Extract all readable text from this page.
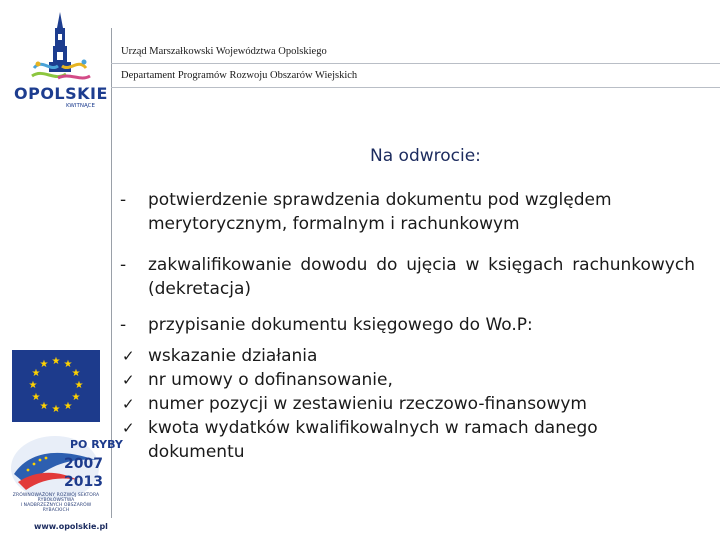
OPOLSKIE
KWITNĄCE
Urząd Marszałkowski Województwa Opolskiego
Departament Programów Rozwoju Obszarów Wiejskich
Na odwrocie:
-	potwierdzenie sprawdzenia dokumentu pod względem merytorycznym, formalnym i rachunkowym
-	zakwalifikowanie dowodu do ujęcia w księgach rachunkowych (dekretacja)
-	przypisanie dokumentu księgowego do Wo.P:
✓ wskazanie działania
✓ nr umowy o dofinansowanie,
✓ numer pozycji w zestawieniu rzeczowo-finansowym
✓ kwota wydatków kwalifikowalnych w ramach danego dokumentu
★ ★
★
★
★
★
★
★
★
★
★
★
PO RYBY
2007
2013
ZRÓWNOWAŻONY ROZWÓJ SEKTORA RYBOŁÓWSTWA
I NADBRZEŻNYCH OBSZARÓW RYBACKICH
www.opolskie.pl
